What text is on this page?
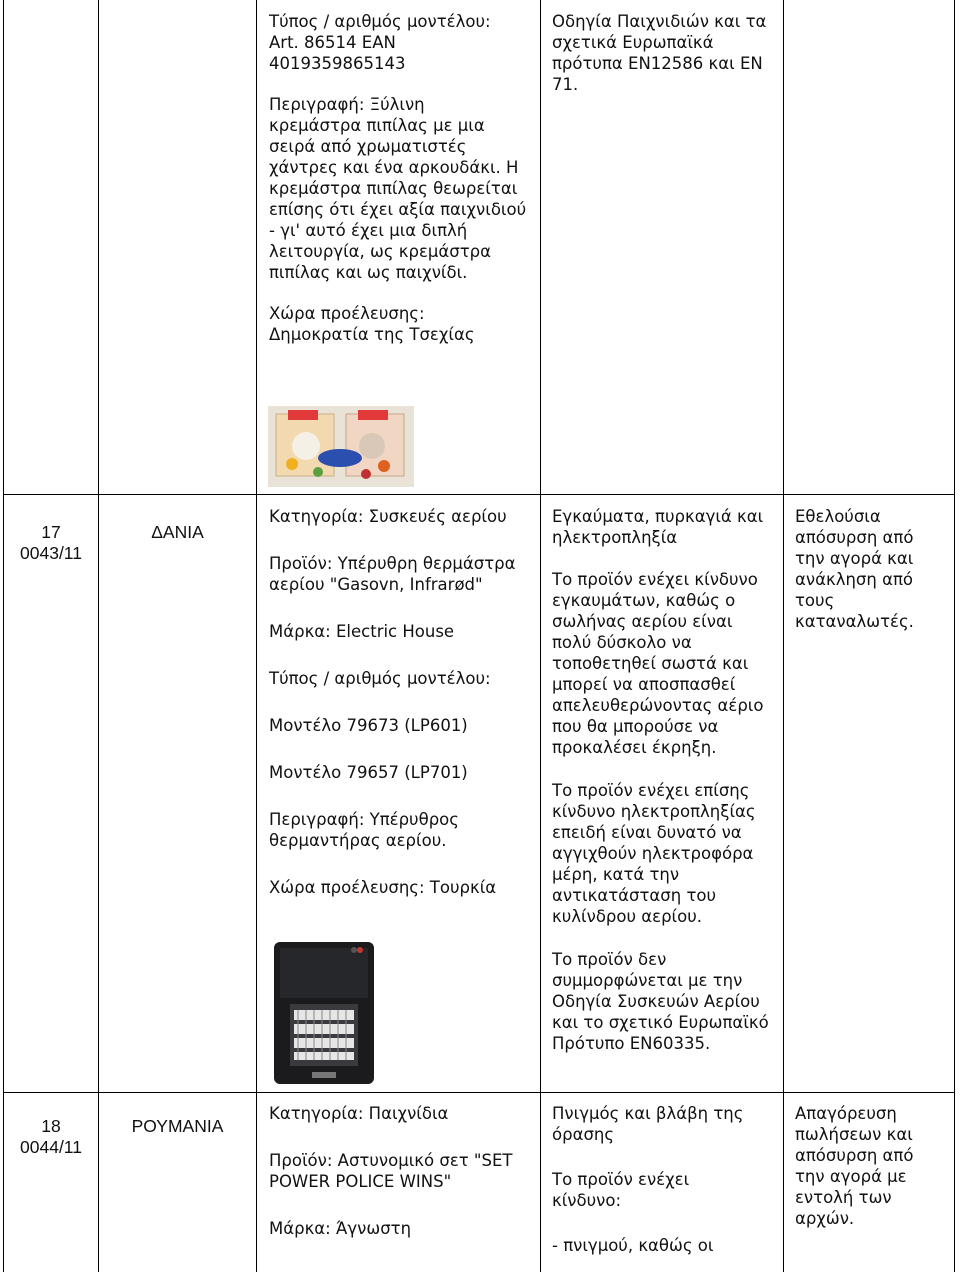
Τύπος / αριθμός μοντέλου:

Art. 86514 EAN

4019359865143

Περιγραφή: Ξύλινη

κρεμάστρα πιπίλας με μια

σειρά από χρωματιστές

χάντρες και ένα αρκουδάκι. Η

κρεμάστρα πιπίλας θεωρείται

επίσης ότι έχει αξία παιχνιδιού

- γι' αυτό έχει μια διπλή

λειτουργία, ως κρεμάστρα

πιπίλας και ως παιχνίδι.

Χώρα προέλευσης:

Δημοκρατία της Τσεχίας

Οδηγία Παιχνιδιών και τα

σχετικά Ευρωπαϊκά

πρότυπα EN12586 και EN

71.

17

0043/11

ΔΑΝΙΑ

Κατηγορία: Συσκευές αερίου

Προϊόν: Υπέρυθρη θερμάστρα

αερίου "Gasovn, Infrarød"

Μάρκα: Electric House

Τύπος / αριθμός μοντέλου:

Μοντέλο 79673 (LP601)

Μοντέλο 79657 (LP701)

Περιγραφή: Υπέρυθρος

θερμαντήρας αερίου.

Χώρα προέλευσης: Τουρκία

Εγκαύματα, πυρκαγιά και

ηλεκτροπληξία

Το προϊόν ενέχει κίνδυνο

εγκαυμάτων, καθώς ο

σωλήνας αερίου είναι

πολύ δύσκολο να

τοποθετηθεί σωστά και

μπορεί να αποσπασθεί

απελευθερώνοντας αέριο

που θα μπορούσε να

προκαλέσει έκρηξη.

Το προϊόν ενέχει επίσης

κίνδυνο ηλεκτροπληξίας

επειδή είναι δυνατό να

αγγιχθούν ηλεκτροφόρα

μέρη, κατά την

αντικατάσταση του

κυλίνδρου αερίου.

Το προϊόν δεν

συμμορφώνεται με την

Οδηγία Συσκευών Αερίου

και το σχετικό Ευρωπαϊκό

Πρότυπο EN60335.

Εθελούσια

απόσυρση από

την αγορά και

ανάκληση από

τους

καταναλωτές.

18

0044/11

ΡΟΥΜΑΝΙΑ

Κατηγορία: Παιχνίδια

Προϊόν: Αστυνομικό σετ "SET

POWER POLICE WINS"

Μάρκα: Άγνωστη

Πνιγμός και βλάβη της

όρασης

Το προϊόν ενέχει

κίνδυνο:

- πνιγμού, καθώς οι

Απαγόρευση

πωλήσεων και

απόσυρση από

την αγορά με

εντολή των

αρχών.
